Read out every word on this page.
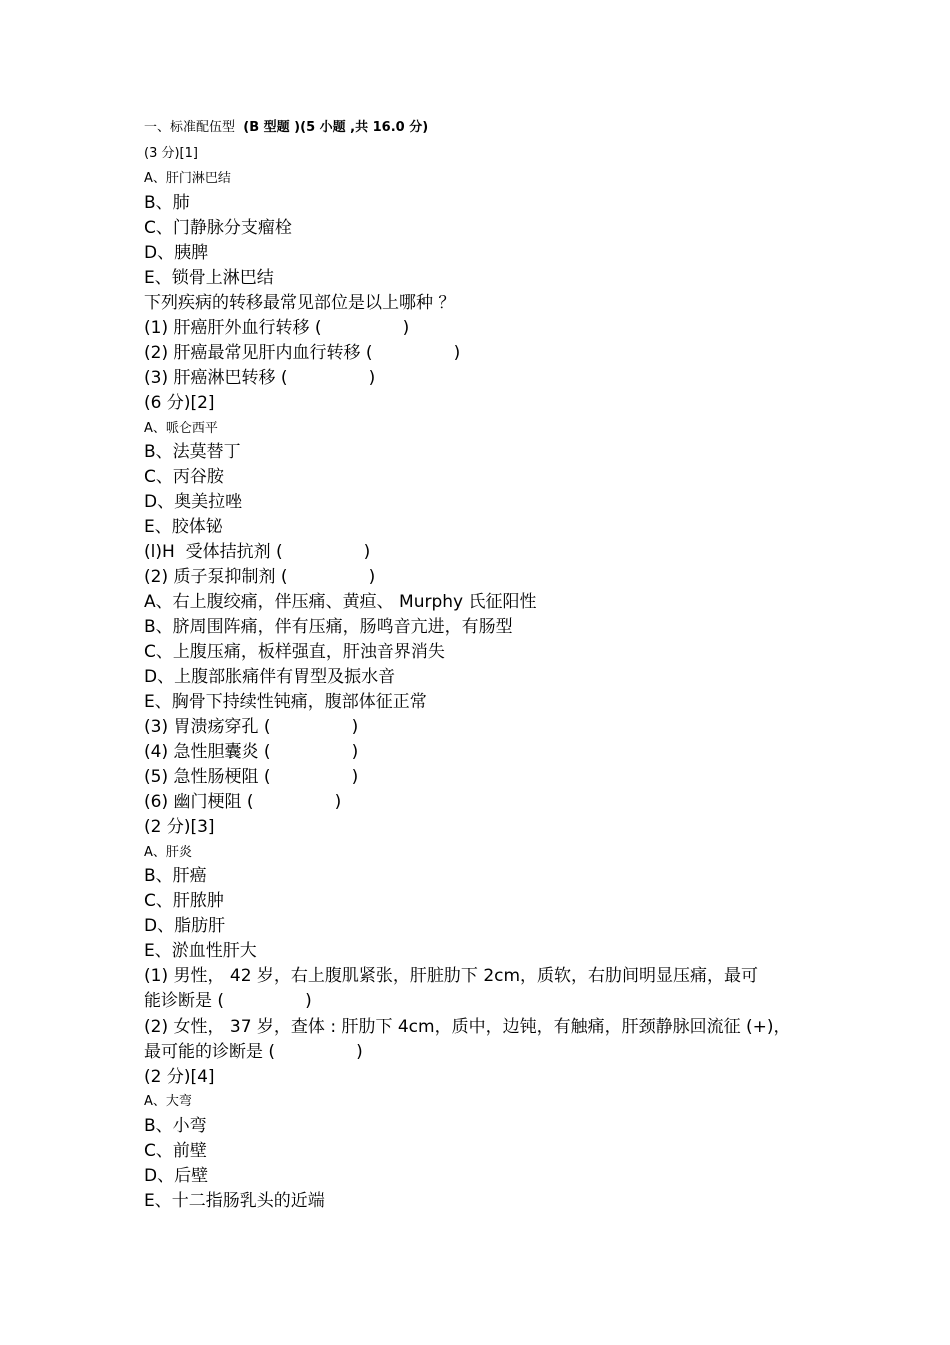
一、标准配伍型 (B 型题 )(5 小题 ,共 16.0 分)
(3 分)[1]
A、肝门淋巴结
B、肺
C、门静脉分支瘤栓
D、胰脾
E、锁骨上淋巴结
下列疾病的转移最常见部位是以上哪种 ？
(1) 肝癌肝外血行转移 (               )
(2) 肝癌最常见肝内血行转移 (               )
(3) 肝癌淋巴转移 (               )
(6 分)[2]
A、哌仑西平
B、法莫替丁
C、丙谷胺
D、奥美拉唑
E、胶体铋
(l)H  受体拮抗剂 (               )
(2) 质子泵抑制剂 (               )
A、右上腹绞痛，伴压痛、黄疸、 Murphy 氏征阳性
B、脐周围阵痛，伴有压痛，肠鸣音亢进，有肠型
C、上腹压痛，板样强直，肝浊音界消失
D、上腹部胀痛伴有胃型及振水音
E、胸骨下持续性钝痛，腹部体征正常
(3) 胃溃疡穿孔 (               )
(4) 急性胆囊炎 (               )
(5) 急性肠梗阻 (               )
(6) 幽门梗阻 (               )
(2 分)[3]
A、肝炎
B、肝癌
C、肝脓肿
D、脂肪肝
E、淤血性肝大
(1) 男性， 42 岁，右上腹肌紧张，肝脏肋下 2cm，质软，右肋间明显压痛，最可
能诊断是 (               )
(2) 女性， 37 岁，查体 : 肝肋下 4cm，质中，边钝，有触痛，肝颈静脉回流征 (+)，
最可能的诊断是 (               )
(2 分)[4]
A、大弯
B、小弯
C、前壁
D、后壁
E、十二指肠乳头的近端
